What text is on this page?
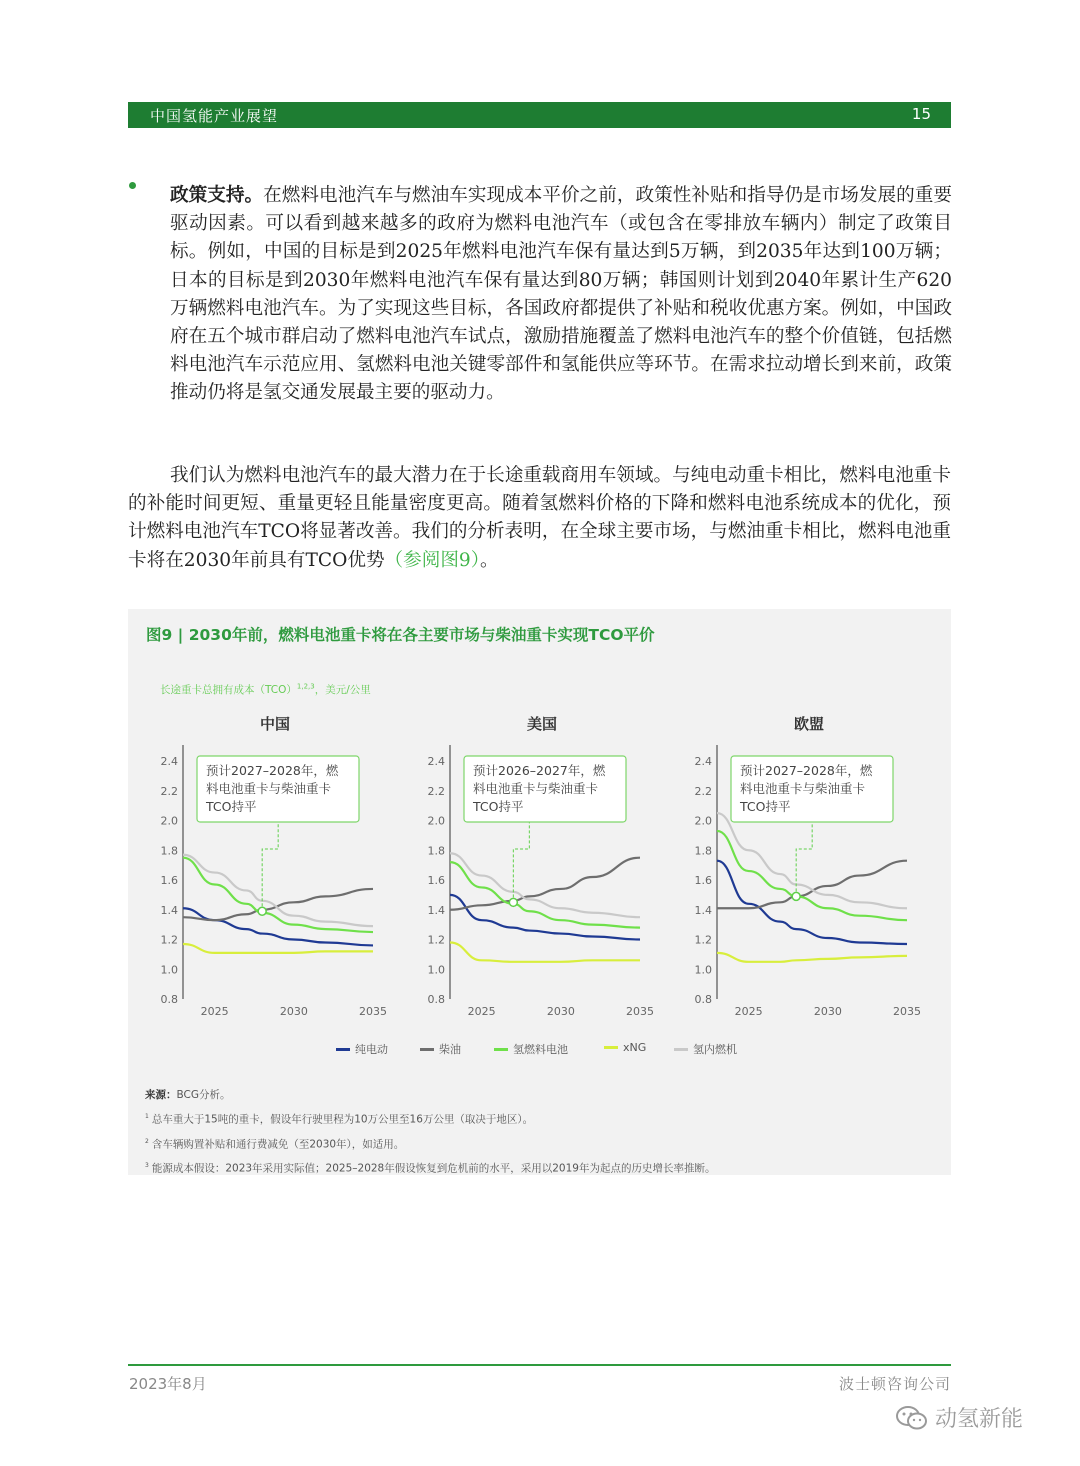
中国氢能产业展望	15

政策支持。在燃料电池汽车与燃油车实现成本平价之前，政策性补贴和指导仍是市场发展的重要驱动因素。可以看到越来越多的政府为燃料电池汽车（或包含在零排放车辆内）制定了政策目标。例如，中国的目标是到2025年燃料电池汽车保有量达到5万辆，到2035年达到100万辆；日本的目标是到2030年燃料电池汽车保有量达到80万辆；韩国则计划到2040年累计生产620万辆燃料电池汽车。为了实现这些目标，各国政府都提供了补贴和税收优惠方案。例如，中国政府在五个城市群启动了燃料电池汽车试点，激励措施覆盖了燃料电池汽车的整个价值链，包括燃料电池汽车示范应用、氢燃料电池关键零部件和氢能供应等环节。在需求拉动增长到来前，政策推动仍将是氢交通发展最主要的驱动力。

我们认为燃料电池汽车的最大潜力在于长途重载商用车领域。与纯电动重卡相比，燃料电池重卡的补能时间更短、重量更轻且能量密度更高。随着氢燃料价格的下降和燃料电池系统成本的优化，预计燃料电池汽车TCO将显著改善。我们的分析表明，在全球主要市场，与燃油重卡相比，燃料电池重卡将在2030年前具有TCO优势（参阅图9）。

图9 | 2030年前，燃料电池重卡将在各主要市场与柴油重卡实现TCO平价
长途重卡总拥有成本（TCO）$^{1,2,3}$，美元/公里
中国
0.8
1.0
1.2
1.4
1.6
1.8
2.0
2.2
2.4
2025	2030	2035
预计2027–2028年，燃
料电池重卡与柴油重卡
TCO持平
美国
0.8
1.0
1.2
1.4
1.6
1.8
2.0
2.2
2.4
2025	2030	2035
预计2026–2027年，燃
料电池重卡与柴油重卡
TCO持平
欧盟
0.8
1.0
1.2
1.4
1.6
1.8
2.0
2.2
2.4
2025	2030	2035
预计2027–2028年，燃
料电池重卡与柴油重卡
TCO持平
纯电动	柴油	氢燃料电池	xNG	氢内燃机
来源：BCG分析。
$^1$ 总车重大于15吨的重卡，假设年行驶里程为10万公里至16万公里（取决于地区）。
$^2$ 含车辆购置补贴和通行费减免（至2030年），如适用。
$^3$ 能源成本假设：2023年采用实际值；2025–2028年假设恢复到危机前的水平，采用以2019年为起点的历史增长率推断。
2023年8月	波士顿咨询公司
动氢新能
